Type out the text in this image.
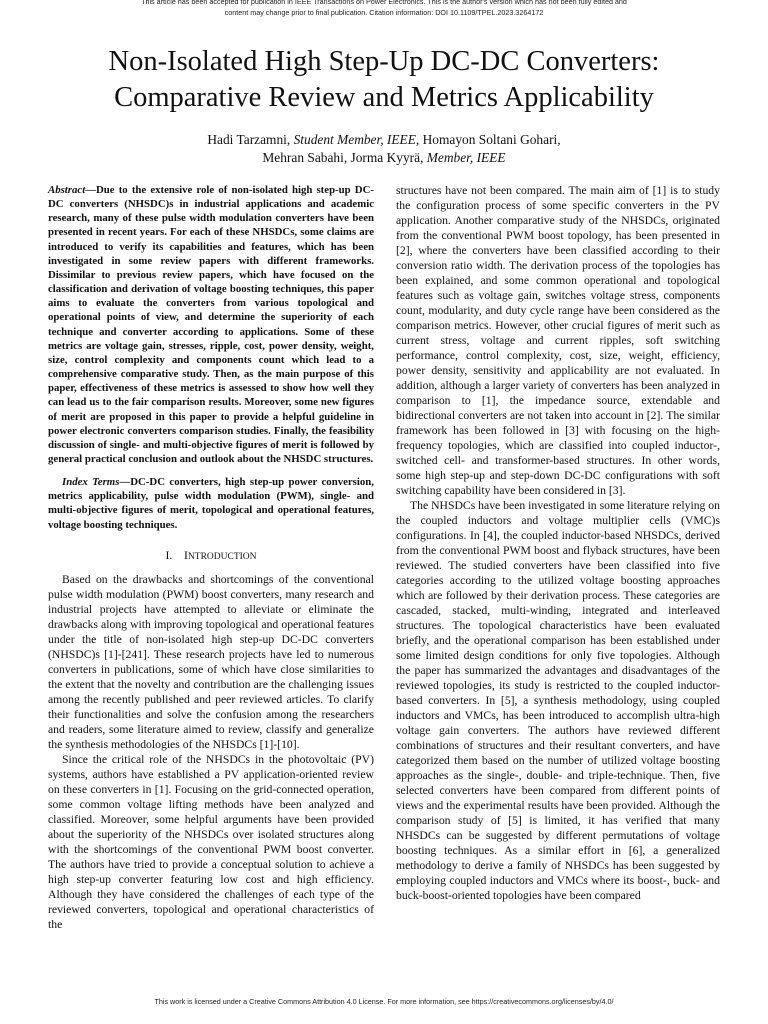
This article has been accepted for publication in IEEE Transactions on Power Electronics. This is the author's version which has not been fully edited and
content may change prior to final publication. Citation information: DOI 10.1109/TPEL.2023.3264172
Non-Isolated High Step-Up DC-DC Converters:
Comparative Review and Metrics Applicability
Hadi Tarzamni, Student Member, IEEE, Homayon Soltani Gohari,
Mehran Sabahi, Jorma Kyyrä, Member, IEEE

Abstract—Due to the extensive role of non-isolated high step-up DC-DC converters (NHSDC)s in industrial applications and academic research, many of these pulse width modulation converters have been presented in recent years. For each of these NHSDCs, some claims are introduced to verify its capabilities and features, which has been investigated in some review papers with different frameworks. Dissimilar to previous review papers, which have focused on the classification and derivation of voltage boosting techniques, this paper aims to evaluate the converters from various topological and operational points of view, and determine the superiority of each technique and converter according to applications. Some of these metrics are voltage gain, stresses, ripple, cost, power density, weight, size, control complexity and components count which lead to a comprehensive comparative study. Then, as the main purpose of this paper, effectiveness of these metrics is assessed to show how well they can lead us to the fair comparison results. Moreover, some new figures of merit are proposed in this paper to provide a helpful guideline in power electronic converters comparison studies. Finally, the feasibility discussion of single- and multi-objective figures of merit is followed by general practical conclusion and outlook about the NHSDC structures.

Index Terms—DC-DC converters, high step-up power conversion, metrics applicability, pulse width modulation (PWM), single- and multi-objective figures of merit, topological and operational features, voltage boosting techniques.

I. INTRODUCTION

Based on the drawbacks and shortcomings of the conventional pulse width modulation (PWM) boost converters, many research and industrial projects have attempted to alleviate or eliminate the drawbacks along with improving topological and operational features under the title of non-isolated high step-up DC-DC converters (NHSDC)s [1]-[241]. These research projects have led to numerous converters in publications, some of which have close similarities to the extent that the novelty and contribution are the challenging issues among the recently published and peer reviewed articles. To clarify their functionalities and solve the confusion among the researchers and readers, some literature aimed to review, classify and generalize the synthesis methodologies of the NHSDCs [1]-[10].

Since the critical role of the NHSDCs in the photovoltaic (PV) systems, authors have established a PV application-oriented review on these converters in [1]. Focusing on the grid-connected operation, some common voltage lifting methods have been analyzed and classified. Moreover, some helpful arguments have been provided about the superiority of the NHSDCs over isolated structures along with the shortcomings of the conventional PWM boost converter. The authors have tried to provide a conceptual solution to achieve a high step-up converter featuring low cost and high efficiency. Although they have considered the challenges of each type of the reviewed converters, topological and operational characteristics of the

structures have not been compared. The main aim of [1] is to study the configuration process of some specific converters in the PV application. Another comparative study of the NHSDCs, originated from the conventional PWM boost topology, has been presented in [2], where the converters have been classified according to their conversion ratio width. The derivation process of the topologies has been explained, and some common operational and topological features such as voltage gain, switches voltage stress, components count, modularity, and duty cycle range have been considered as the comparison metrics. However, other crucial figures of merit such as current stress, voltage and current ripples, soft switching performance, control complexity, cost, size, weight, efficiency, power density, sensitivity and applicability are not evaluated. In addition, although a larger variety of converters has been analyzed in comparison to [1], the impedance source, extendable and bidirectional converters are not taken into account in [2]. The similar framework has been followed in [3] with focusing on the high-frequency topologies, which are classified into coupled inductor-, switched cell- and transformer-based structures. In other words, some high step-up and step-down DC-DC configurations with soft switching capability have been considered in [3].

The NHSDCs have been investigated in some literature relying on the coupled inductors and voltage multiplier cells (VMC)s configurations. In [4], the coupled inductor-based NHSDCs, derived from the conventional PWM boost and flyback structures, have been reviewed. The studied converters have been classified into five categories according to the utilized voltage boosting approaches which are followed by their derivation process. These categories are cascaded, stacked, multi-winding, integrated and interleaved structures. The topological characteristics have been evaluated briefly, and the operational comparison has been established under some limited design conditions for only five topologies. Although the paper has summarized the advantages and disadvantages of the reviewed topologies, its study is restricted to the coupled inductor-based converters. In [5], a synthesis methodology, using coupled inductors and VMCs, has been introduced to accomplish ultra-high voltage gain converters. The authors have reviewed different combinations of structures and their resultant converters, and have categorized them based on the number of utilized voltage boosting approaches as the single-, double- and triple-technique. Then, five selected converters have been compared from different points of views and the experimental results have been provided. Although the comparison study of [5] is limited, it has verified that many NHSDCs can be suggested by different permutations of voltage boosting techniques. As a similar effort in [6], a generalized methodology to derive a family of NHSDCs has been suggested by employing coupled inductors and VMCs where its boost-, buck- and buck-boost-oriented topologies have been compared

This work is licensed under a Creative Commons Attribution 4.0 License. For more information, see https://creativecommons.org/licenses/by/4.0/
